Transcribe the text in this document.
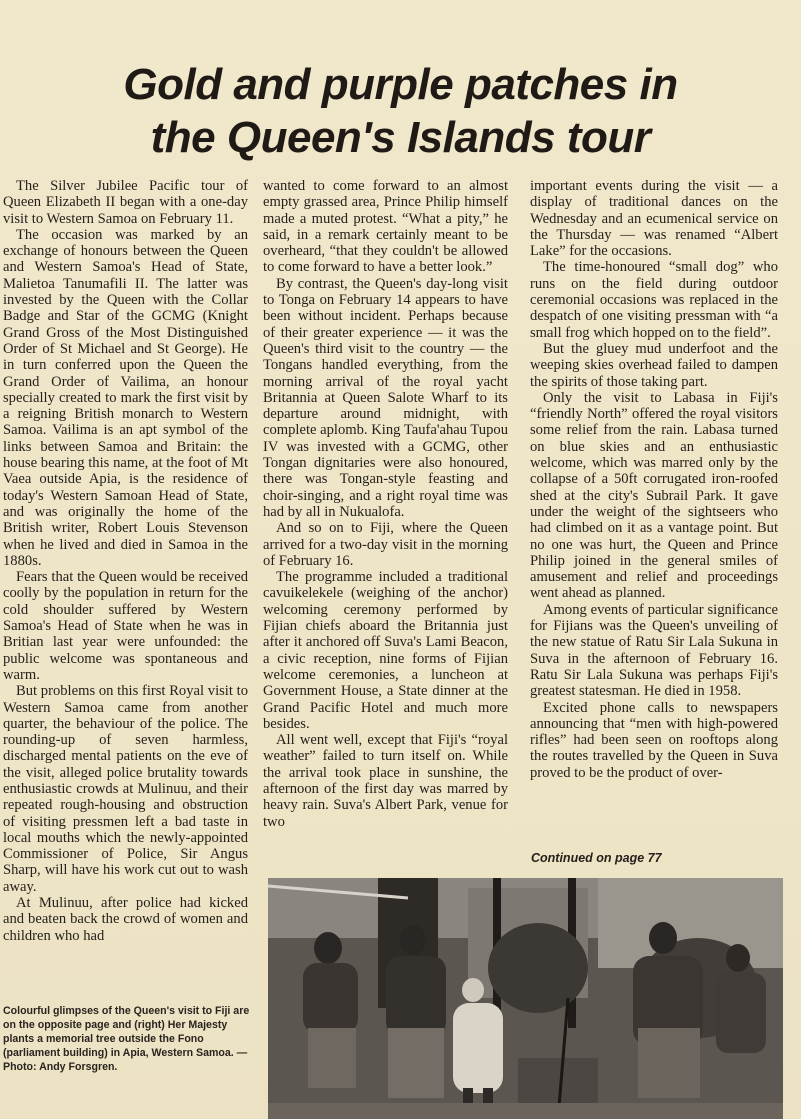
Gold and purple patches in
the Queen's Islands tour

The Silver Jubilee Pacific tour of Queen Elizabeth II began with a one-day visit to Western Samoa on February 11.

The occasion was marked by an exchange of honours between the Queen and Western Samoa's Head of State, Malietoa Tanumafili II. The latter was invested by the Queen with the Collar Badge and Star of the GCMG (Knight Grand Gross of the Most Distinguished Order of St Michael and St George). He in turn conferred upon the Queen the Grand Order of Vailima, an honour specially created to mark the first visit by a reigning British monarch to Western Samoa. Vailima is an apt symbol of the links between Samoa and Britain: the house bearing this name, at the foot of Mt Vaea outside Apia, is the residence of today's Western Samoan Head of State, and was originally the home of the British writer, Robert Louis Stevenson when he lived and died in Samoa in the 1880s.

Fears that the Queen would be received coolly by the population in return for the cold shoulder suffered by Western Samoa's Head of State when he was in Britian last year were unfounded: the public welcome was spontaneous and warm.

But problems on this first Royal visit to Western Samoa came from another quarter, the behaviour of the police. The rounding-up of seven harmless, discharged mental patients on the eve of the visit, alleged police brutality towards enthusiastic crowds at Mulinuu, and their repeated rough-housing and obstruction of visiting pressmen left a bad taste in local mouths which the newly-appointed Commissioner of Police, Sir Angus Sharp, will have his work cut out to wash away.

At Mulinuu, after police had kicked and beaten back the crowd of women and children who had

wanted to come forward to an almost empty grassed area, Prince Philip himself made a muted protest. “What a pity,” he said, in a remark certainly meant to be overheard, “that they couldn't be allowed to come forward to have a better look.”

By contrast, the Queen's day-long visit to Tonga on February 14 appears to have been without incident. Perhaps because of their greater experience — it was the Queen's third visit to the country — the Tongans handled everything, from the morning arrival of the royal yacht Britannia at Queen Salote Wharf to its departure around midnight, with complete aplomb. King Taufa'ahau Tupou IV was invested with a GCMG, other Tongan dignitaries were also honoured, there was Tongan-style feasting and choir-singing, and a right royal time was had by all in Nukualofa.

And so on to Fiji, where the Queen arrived for a two-day visit in the morning of February 16.

The programme included a traditional cavuikelekele (weighing of the anchor) welcoming ceremony performed by Fijian chiefs aboard the Britannia just after it anchored off Suva's Lami Beacon, a civic reception, nine forms of Fijian welcome ceremonies, a luncheon at Government House, a State dinner at the Grand Pacific Hotel and much more besides.

All went well, except that Fiji's “royal weather” failed to turn itself on. While the arrival took place in sunshine, the afternoon of the first day was marred by heavy rain. Suva's Albert Park, venue for two

important events during the visit — a display of traditional dances on the Wednesday and an ecumenical service on the Thursday — was renamed “Albert Lake” for the occasions.

The time-honoured “small dog” who runs on the field during outdoor ceremonial occasions was replaced in the despatch of one visiting pressman with “a small frog which hopped on to the field”.

But the gluey mud underfoot and the weeping skies overhead failed to dampen the spirits of those taking part.

Only the visit to Labasa in Fiji's “friendly North” offered the royal visitors some relief from the rain. Labasa turned on blue skies and an enthusiastic welcome, which was marred only by the collapse of a 50ft corrugated iron-roofed shed at the city's Subrail Park. It gave under the weight of the sightseers who had climbed on it as a vantage point. But no one was hurt, the Queen and Prince Philip joined in the general smiles of amusement and relief and proceedings went ahead as planned.

Among events of particular significance for Fijians was the Queen's unveiling of the new statue of Ratu Sir Lala Sukuna in Suva in the afternoon of February 16. Ratu Sir Lala Sukuna was perhaps Fiji's greatest statesman. He died in 1958.

Excited phone calls to newspapers announcing that “men with high-powered rifles” had been seen on rooftops along the routes travelled by the Queen in Suva proved to be the product of over-

Continued on page 77
Colourful glimpses of the Queen's visit to Fiji are on the opposite page and (right) Her Majesty plants a memorial tree outside the Fono (parliament building) in Apia, Western Samoa. — Photo: Andy Forsgren.
